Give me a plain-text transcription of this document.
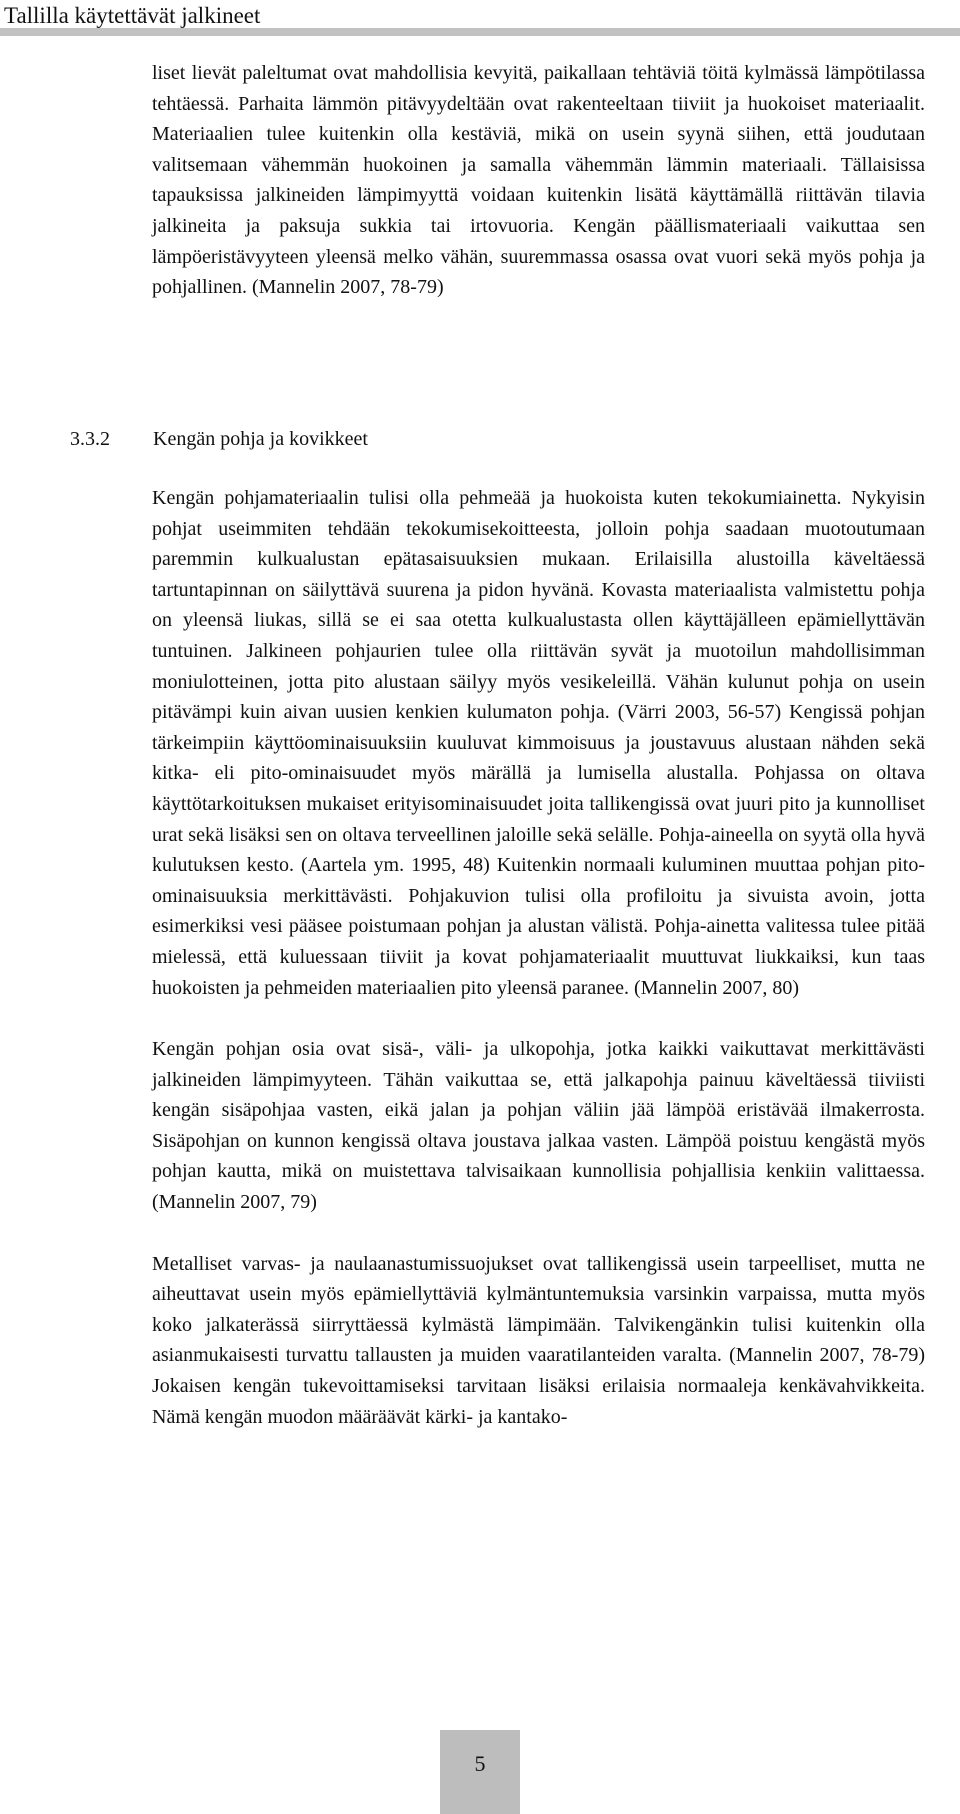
Tallilla käytettävät jalkineet

liset lievät paleltumat ovat mahdollisia kevyitä, paikallaan tehtäviä töitä kylmässä lämpötilassa tehtäessä. Parhaita lämmön pitävyydeltään ovat rakenteeltaan tiiviit ja huokoiset materiaalit. Materiaalien tulee kuitenkin olla kestäviä, mikä on usein syynä siihen, että joudutaan valitsemaan vähemmän huokoinen ja samalla vähemmän lämmin materiaali. Tällaisissa tapauksissa jalkineiden lämpimyyttä voidaan kuitenkin lisätä käyttämällä riittävän tilavia jalkineita ja paksuja sukkia tai irtovuoria. Kengän päällismateriaali vaikuttaa sen lämpöeristävyyteen yleensä melko vähän, suuremmassa osassa ovat vuori sekä myös pohja ja pohjallinen. (Mannelin 2007, 78-79)

3.3.2 Kengän pohja ja kovikkeet

Kengän pohjamateriaalin tulisi olla pehmeää ja huokoista kuten tekokumiainetta. Nykyisin pohjat useimmiten tehdään tekokumisekoitteesta, jolloin pohja saadaan muotoutumaan paremmin kulkualustan epätasaisuuksien mukaan. Erilaisilla alustoilla käveltäessä tartuntapinnan on säilyttävä suurena ja pidon hyvänä. Kovasta materiaalista valmistettu pohja on yleensä liukas, sillä se ei saa otetta kulkualustasta ollen käyttäjälleen epämiellyttävän tuntuinen. Jalkineen pohjaurien tulee olla riittävän syvät ja muotoilun mahdollisimman moniulotteinen, jotta pito alustaan säilyy myös vesikeleillä. Vähän kulunut pohja on usein pitävämpi kuin aivan uusien kenkien kulumaton pohja. (Värri 2003, 56-57) Kengissä pohjan tärkeimpiin käyttöominaisuuksiin kuuluvat kimmoisuus ja joustavuus alustaan nähden sekä kitka- eli pito-ominaisuudet myös märällä ja lumisella alustalla. Pohjassa on oltava käyttötarkoituksen mukaiset erityisominaisuudet joita tallikengissä ovat juuri pito ja kunnolliset urat sekä lisäksi sen on oltava terveellinen jaloille sekä selälle. Pohja-aineella on syytä olla hyvä kulutuksen kesto. (Aartela ym. 1995, 48) Kuitenkin normaali kuluminen muuttaa pohjan pito-ominaisuuksia merkittävästi. Pohjakuvion tulisi olla profiloitu ja sivuista avoin, jotta esimerkiksi vesi pääsee poistumaan pohjan ja alustan välistä. Pohja-ainetta valitessa tulee pitää mielessä, että kuluessaan tiiviit ja kovat pohjamateriaalit muuttuvat liukkaiksi, kun taas huokoisten ja pehmeiden materiaalien pito yleensä paranee. (Mannelin 2007, 80)

Kengän pohjan osia ovat sisä-, väli- ja ulkopohja, jotka kaikki vaikuttavat merkittävästi jalkineiden lämpimyyteen. Tähän vaikuttaa se, että jalkapohja painuu käveltäessä tiiviisti kengän sisäpohjaa vasten, eikä jalan ja pohjan väliin jää lämpöä eristävää ilmakerrosta. Sisäpohjan on kunnon kengissä oltava joustava jalkaa vasten. Lämpöä poistuu kengästä myös pohjan kautta, mikä on muistettava talvisaikaan kunnollisia pohjallisia kenkiin valittaessa. (Mannelin 2007, 79)

Metalliset varvas- ja naulaanastumissuojukset ovat tallikengissä usein tarpeelliset, mutta ne aiheuttavat usein myös epämiellyttäviä kylmäntuntemuksia varsinkin varpaissa, mutta myös koko jalkaterässä siirryttäessä kylmästä lämpimään. Talvikengänkin tulisi kuitenkin olla asianmukaisesti turvattu tallausten ja muiden vaaratilanteiden varalta. (Mannelin 2007, 78-79) Jokaisen kengän tukevoittamiseksi tarvitaan lisäksi erilaisia normaaleja kenkävahvikkeita. Nämä kengän muodon määräävät kärki- ja kantako-

5
